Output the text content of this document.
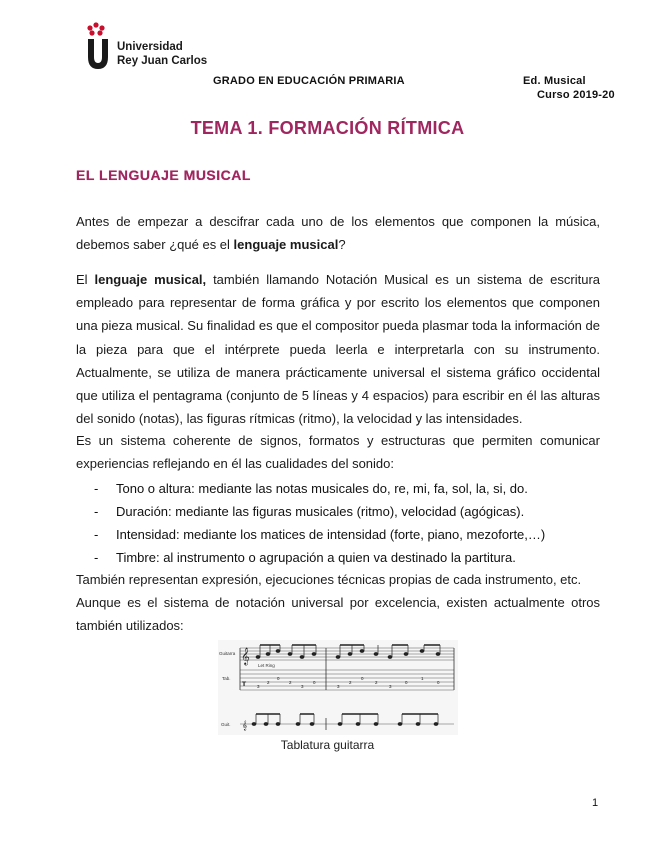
Universidad
Rey Juan Carlos
GRADO EN EDUCACIÓN PRIMARIA	Ed. Musical
Curso 2019-20
TEMA 1. FORMACIÓN RÍTMICA
EL LENGUAJE MUSICAL
Antes de empezar a descifrar cada uno de los elementos que componen la música, debemos saber ¿qué es el lenguaje musical?
El lenguaje musical, también llamando Notación Musical es un sistema de escritura empleado para representar de forma gráfica y por escrito los elementos que componen una pieza musical. Su finalidad es que el compositor pueda plasmar toda la información de la pieza para que el intérprete pueda leerla e interpretarla con su instrumento. Actualmente, se utiliza de manera prácticamente universal el sistema gráfico occidental que utiliza el pentagrama (conjunto de 5 líneas y 4 espacios) para escribir en él las alturas del sonido (notas), las figuras rítmicas (ritmo), la velocidad y las intensidades.
Es un sistema coherente de signos, formatos y estructuras que permiten comunicar experiencias reflejando en él las cualidades del sonido:
- Tono o altura: mediante las notas musicales do, re, mi, fa, sol, la, si, do.
- Duración: mediante las figuras musicales (ritmo), velocidad (agógicas).
- Intensidad: mediante los matices de intensidad (forte, piano, mezoforte,…)
- Timbre: al instrumento o agrupación a quien va destinado la partitura.
También representan expresión, ejecuciones técnicas propias de cada instrumento, etc.
Aunque es el sistema de notación universal por excelencia, existen actualmente otros también utilizados:
3
2
0
2
3
0
3
2
0
2
3
0
1
0
𝄞
T
𝄞
Guitarra
Tab.
Guit.
Let Ring
Tablatura guitarra
1
